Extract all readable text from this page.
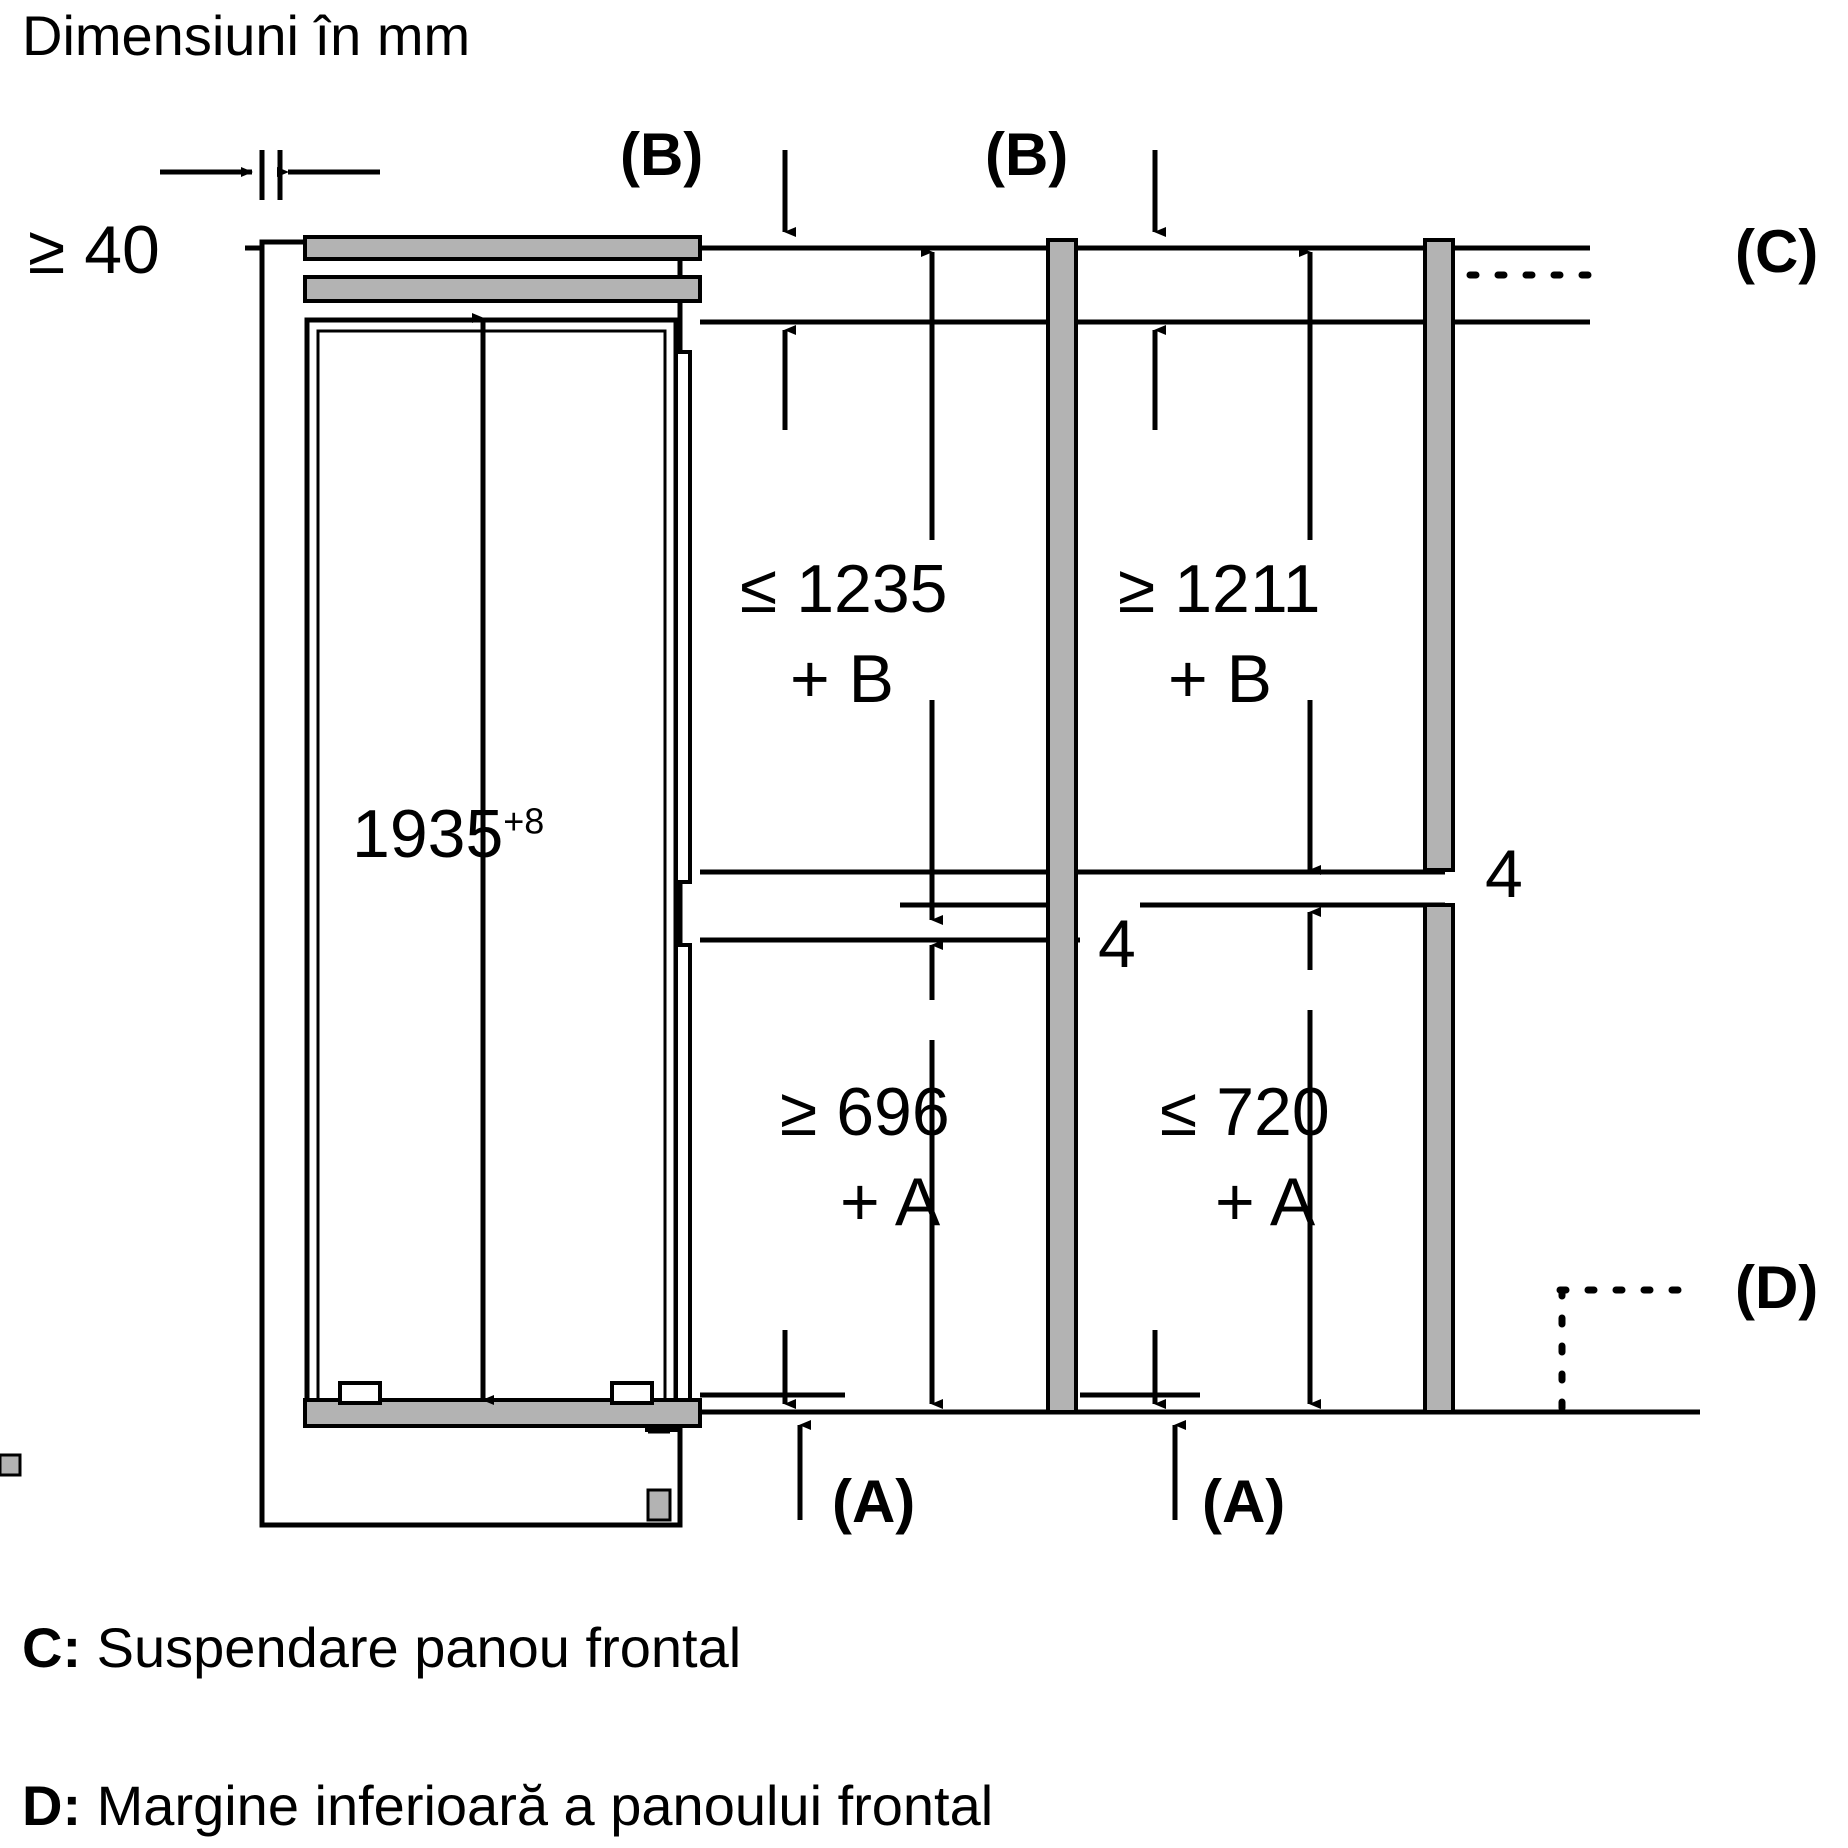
Dimensiuni în mm
≥ 40
(B)	(B)
(C)
(D)
(A)	(A)
$1935^{+8}$
≤ 1235
+ B
≥ 1211
+ B
4
4
≥ 696
+ A
≤ 720
+ A
C: Suspendare panou frontal
D: Margine inferioară a panoului frontal
